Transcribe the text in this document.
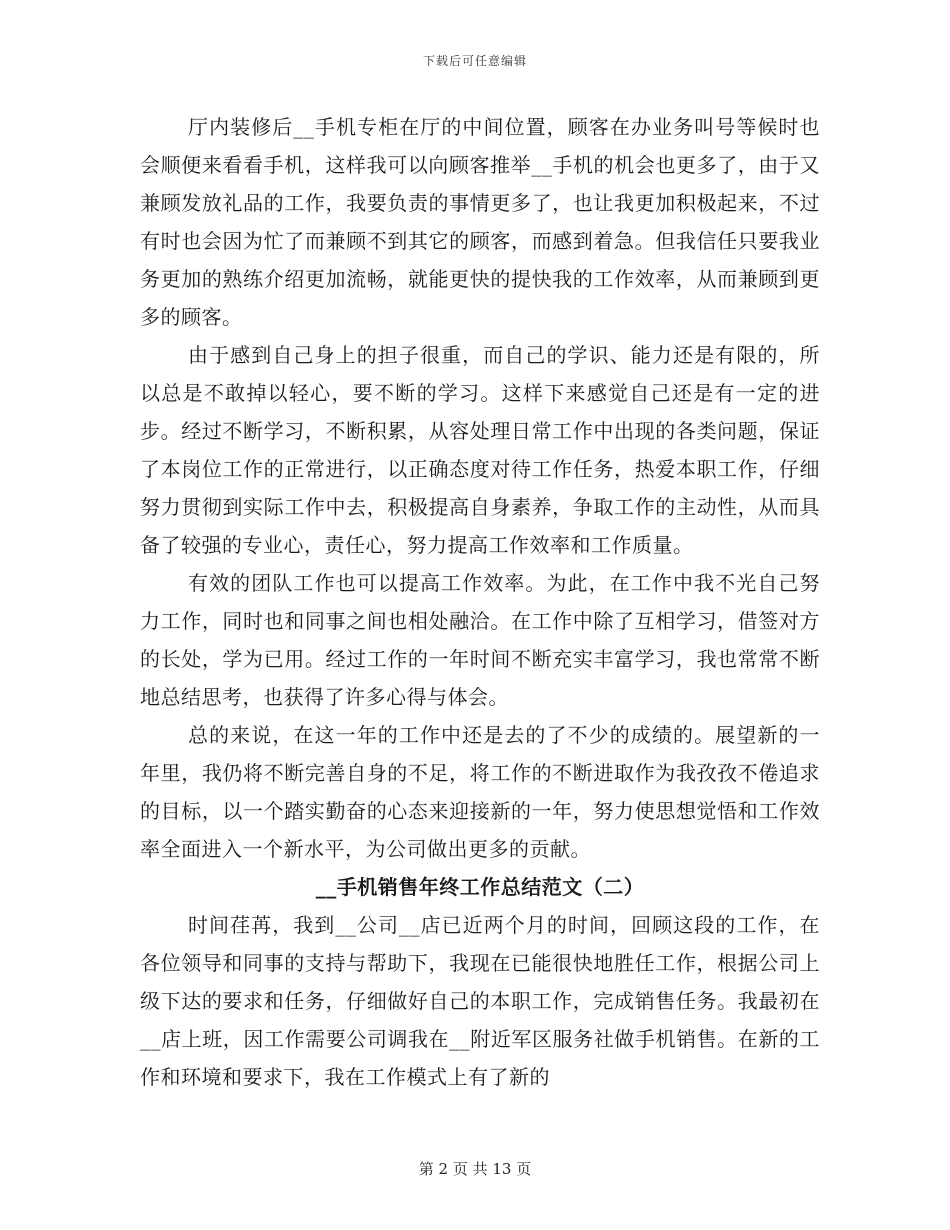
下载后可任意编辑

厅内装修后__手机专柜在厅的中间位置，顾客在办业务叫号等候时也会顺便来看看手机，这样我可以向顾客推举__手机的机会也更多了，由于又兼顾发放礼品的工作，我要负责的事情更多了，也让我更加积极起来，不过有时也会因为忙了而兼顾不到其它的顾客，而感到着急。但我信任只要我业务更加的熟练介绍更加流畅，就能更快的提快我的工作效率，从而兼顾到更多的顾客。

由于感到自己身上的担子很重，而自己的学识、能力还是有限的，所以总是不敢掉以轻心，要不断的学习。这样下来感觉自己还是有一定的进步。经过不断学习，不断积累，从容处理日常工作中出现的各类问题，保证了本岗位工作的正常进行，以正确态度对待工作任务，热爱本职工作，仔细努力贯彻到实际工作中去，积极提高自身素养，争取工作的主动性，从而具备了较强的专业心，责任心，努力提高工作效率和工作质量。

有效的团队工作也可以提高工作效率。为此，在工作中我不光自己努力工作，同时也和同事之间也相处融洽。在工作中除了互相学习，借签对方的长处，学为已用。经过工作的一年时间不断充实丰富学习，我也常常不断地总结思考，也获得了许多心得与体会。

总的来说，在这一年的工作中还是去的了不少的成绩的。展望新的一年里，我仍将不断完善自身的不足，将工作的不断进取作为我孜孜不倦追求的目标，以一个踏实勤奋的心态来迎接新的一年，努力使思想觉悟和工作效率全面进入一个新水平，为公司做出更多的贡献。

__手机销售年终工作总结范文（二）

时间荏苒，我到__公司__店已近两个月的时间，回顾这段的工作，在各位领导和同事的支持与帮助下，我现在已能很快地胜任工作，根据公司上级下达的要求和任务，仔细做好自己的本职工作，完成销售任务。我最初在__店上班，因工作需要公司调我在__附近军区服务社做手机销售。在新的工作和环境和要求下，我在工作模式上有了新的

第 2 页 共 13 页
